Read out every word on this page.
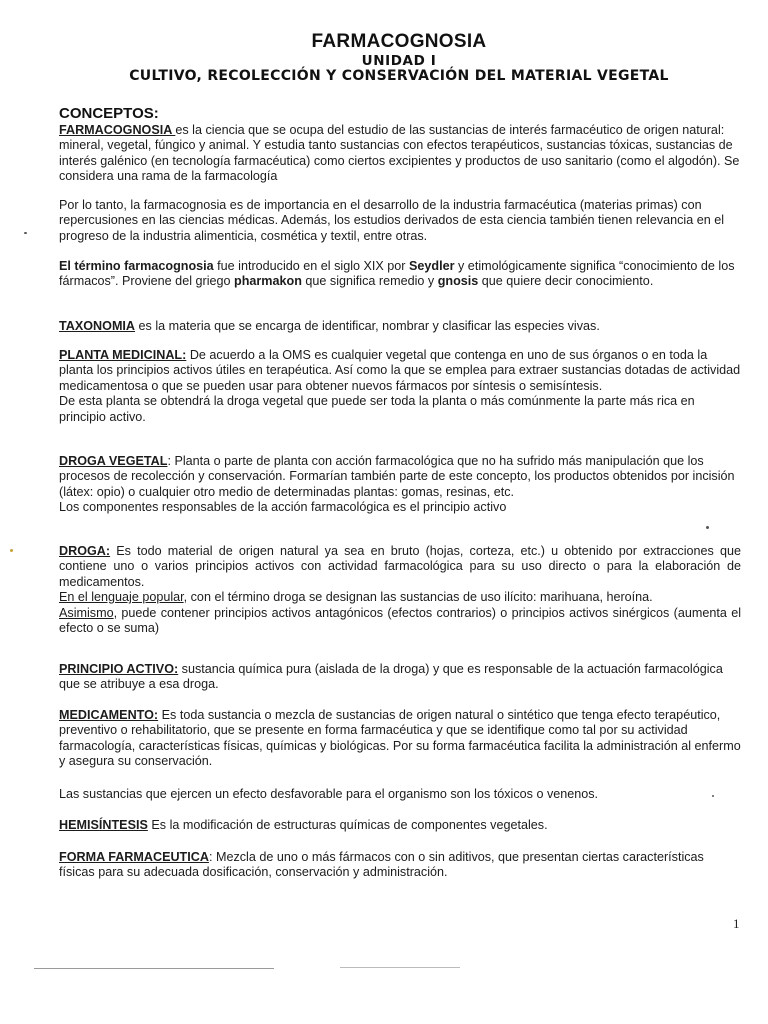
FARMACOGNOSIA
UNIDAD I
CULTIVO, RECOLECCIÓN Y CONSERVACIÓN DEL MATERIAL VEGETAL
CONCEPTOS:

FARMACOGNOSIA es la ciencia que se ocupa del estudio de las sustancias de interés farmacéutico de origen natural: mineral, vegetal, fúngico y animal. Y estudia tanto sustancias con efectos terapéuticos, sustancias tóxicas, sustancias de interés galénico (en tecnología farmacéutica) como ciertos excipientes y productos de uso sanitario (como el algodón). Se considera una rama de la farmacología

Por lo tanto, la farmacognosia es de importancia en el desarrollo de la industria farmacéutica (materias primas) con repercusiones en las ciencias médicas. Además, los estudios derivados de esta ciencia también tienen relevancia en el progreso de la industria alimenticia, cosmética y textil, entre otras.

El término farmacognosia fue introducido en el siglo XIX por Seydler y etimológicamente significa “conocimiento de los fármacos”. Proviene del griego pharmakon que significa remedio y gnosis que quiere decir conocimiento.

TAXONOMIA es la materia que se encarga de identificar, nombrar y clasificar las especies vivas.

PLANTA MEDICINAL: De acuerdo a la OMS es cualquier vegetal que contenga en uno de sus órganos o en toda la planta los principios activos útiles en terapéutica. Así como la que se emplea para extraer sustancias dotadas de actividad medicamentosa o que se pueden usar para obtener nuevos fármacos por síntesis o semisíntesis.
De esta planta se obtendrá la droga vegetal que puede ser toda la planta o más comúnmente la parte más rica en principio activo.

DROGA VEGETAL: Planta o parte de planta con acción farmacológica que no ha sufrido más manipulación que los procesos de recolección y conservación. Formarían también parte de este concepto, los productos obtenidos por incisión (látex: opio) o cualquier otro medio de determinadas plantas: gomas, resinas, etc.
Los componentes responsables de la acción farmacológica es el principio activo

DROGA: Es todo material de origen natural ya sea en bruto (hojas, corteza, etc.) u obtenido por extracciones que contiene uno o varios principios activos con actividad farmacológica para su uso directo o para la elaboración de medicamentos.
En el lenguaje popular, con el término droga se designan las sustancias de uso ilícito: marihuana, heroína.
Asimismo, puede contener principios activos antagónicos (efectos contrarios) o principios activos sinérgicos (aumenta el efecto o se suma)

PRINCIPIO ACTIVO: sustancia química pura (aislada de la droga) y que es responsable de la actuación farmacológica que se atribuye a esa droga.

MEDICAMENTO: Es toda sustancia o mezcla de sustancias de origen natural o sintético que tenga efecto terapéutico, preventivo o rehabilitatorio, que se presente en forma farmacéutica y que se identifique como tal por su actividad farmacología, características físicas, químicas y biológicas. Por su forma farmacéutica facilita la administración al enfermo y asegura su conservación.

Las sustancias que ejercen un efecto desfavorable para el organismo son los tóxicos o venenos.

HEMISÍNTESIS Es la modificación de estructuras químicas de componentes vegetales.

FORMA FARMACEUTICA: Mezcla de uno o más fármacos con o sin aditivos, que presentan ciertas características físicas para su adecuada dosificación, conservación y administración.

1
